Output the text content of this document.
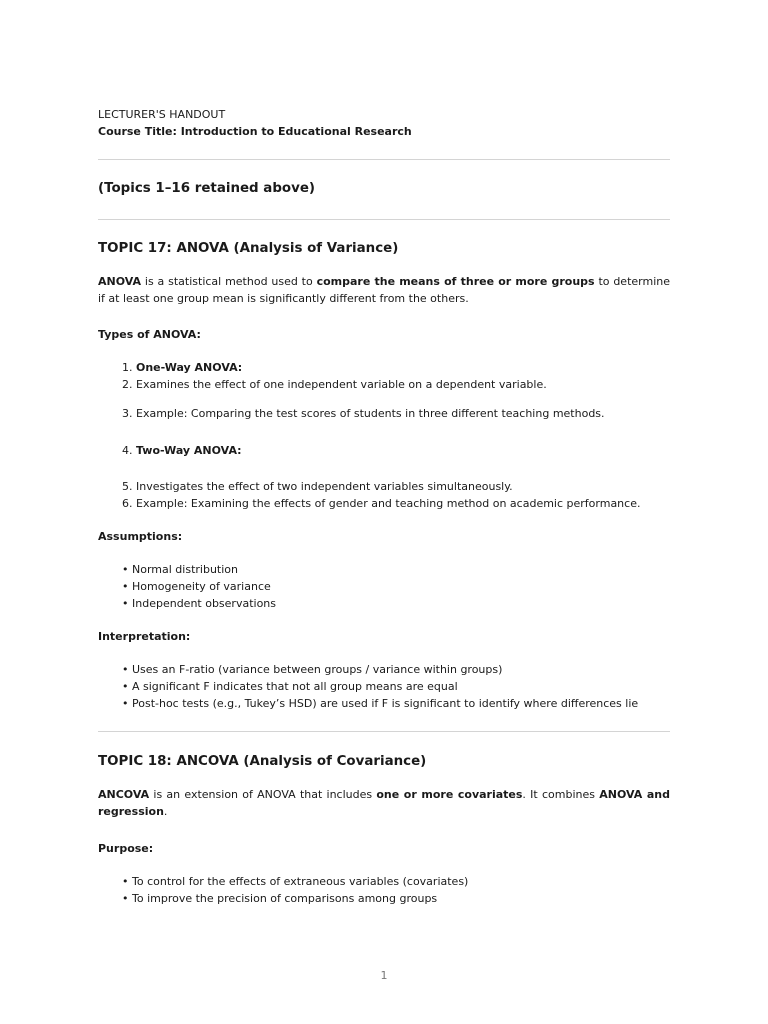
LECTURER'S HANDOUT

Course Title: Introduction to Educational Research

(Topics 1–16 retained above)
TOPIC 17: ANOVA (Analysis of Variance)

ANOVA is a statistical method used to compare the means of three or more groups to determine if at least one group mean is significantly different from the others.

Types of ANOVA:

1. One-Way ANOVA:
2. Examines the effect of one independent variable on a dependent variable.
3. Example: Comparing the test scores of students in three different teaching methods.
4. Two-Way ANOVA:
5. Investigates the effect of two independent variables simultaneously.
6. Example: Examining the effects of gender and teaching method on academic performance.

Assumptions:

• Normal distribution
• Homogeneity of variance
• Independent observations

Interpretation:

• Uses an F-ratio (variance between groups / variance within groups)
• A significant F indicates that not all group means are equal
• Post-hoc tests (e.g., Tukey’s HSD) are used if F is significant to identify where differences lie
TOPIC 18: ANCOVA (Analysis of Covariance)

ANCOVA is an extension of ANOVA that includes one or more covariates. It combines ANOVA and regression.

Purpose:

• To control for the effects of extraneous variables (covariates)
• To improve the precision of comparisons among groups
1
